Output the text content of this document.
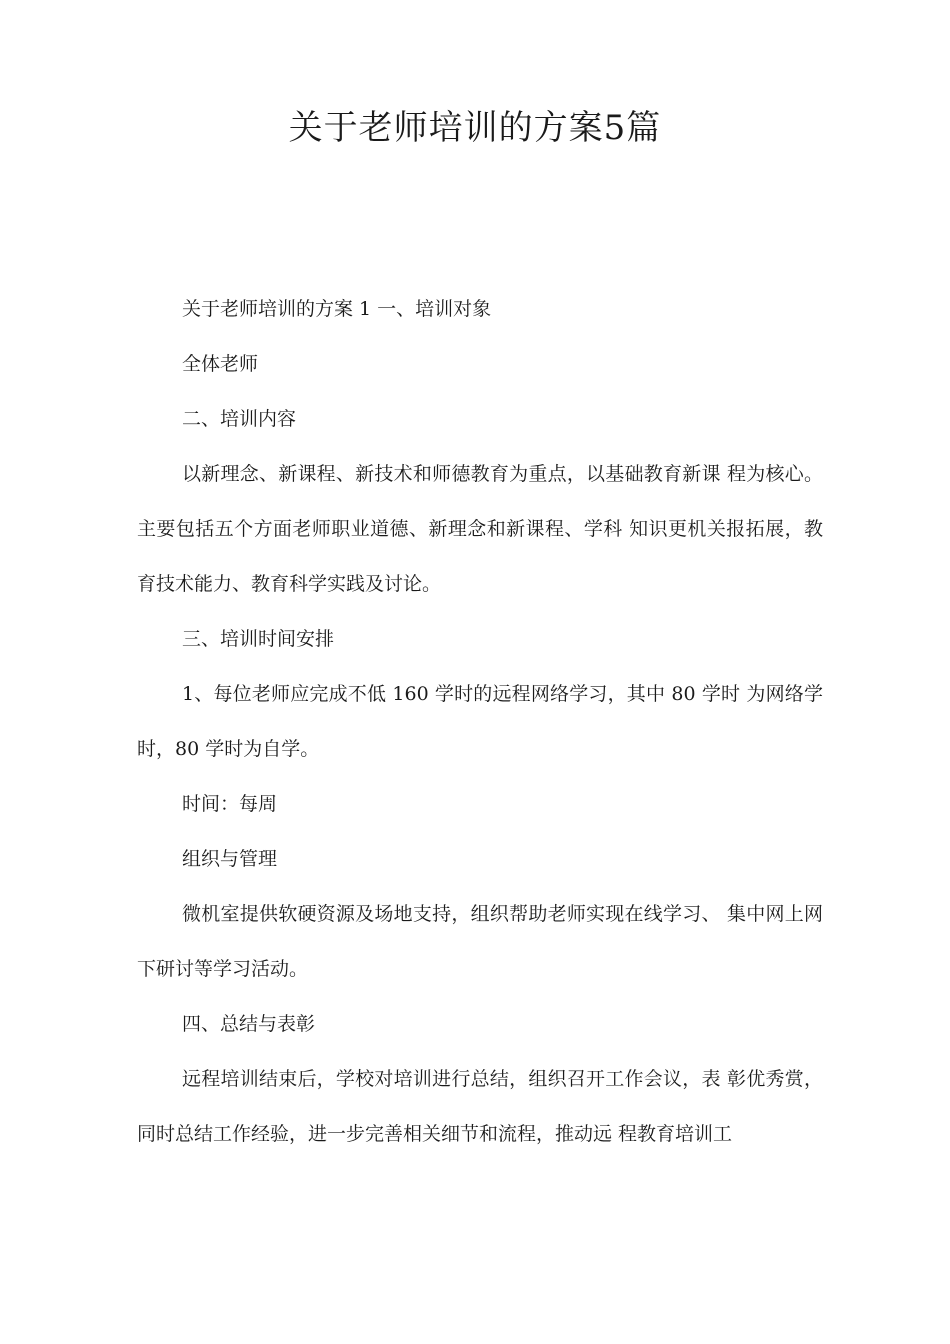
关于老师培训的方案5篇

关于老师培训的方案 1 一、培训对象

全体老师

二、培训内容

以新理念、新课程、新技术和师德教育为重点，以基础教育新课 程为核心。主要包括五个方面老师职业道德、新理念和新课程、学科 知识更机关报拓展，教育技术能力、教育科学实践及讨论。

三、培训时间安排

1、每位老师应完成不低 160 学时的远程网络学习，其中 80 学时 为网络学时，80 学时为自学。

时间：每周

组织与管理

微机室提供软硬资源及场地支持，组织帮助老师实现在线学习、 集中网上网下研讨等学习活动。

四、总结与表彰

远程培训结束后，学校对培训进行总结，组织召开工作会议，表 彰优秀赏，同时总结工作经验，进一步完善相关细节和流程，推动远 程教育培训工
